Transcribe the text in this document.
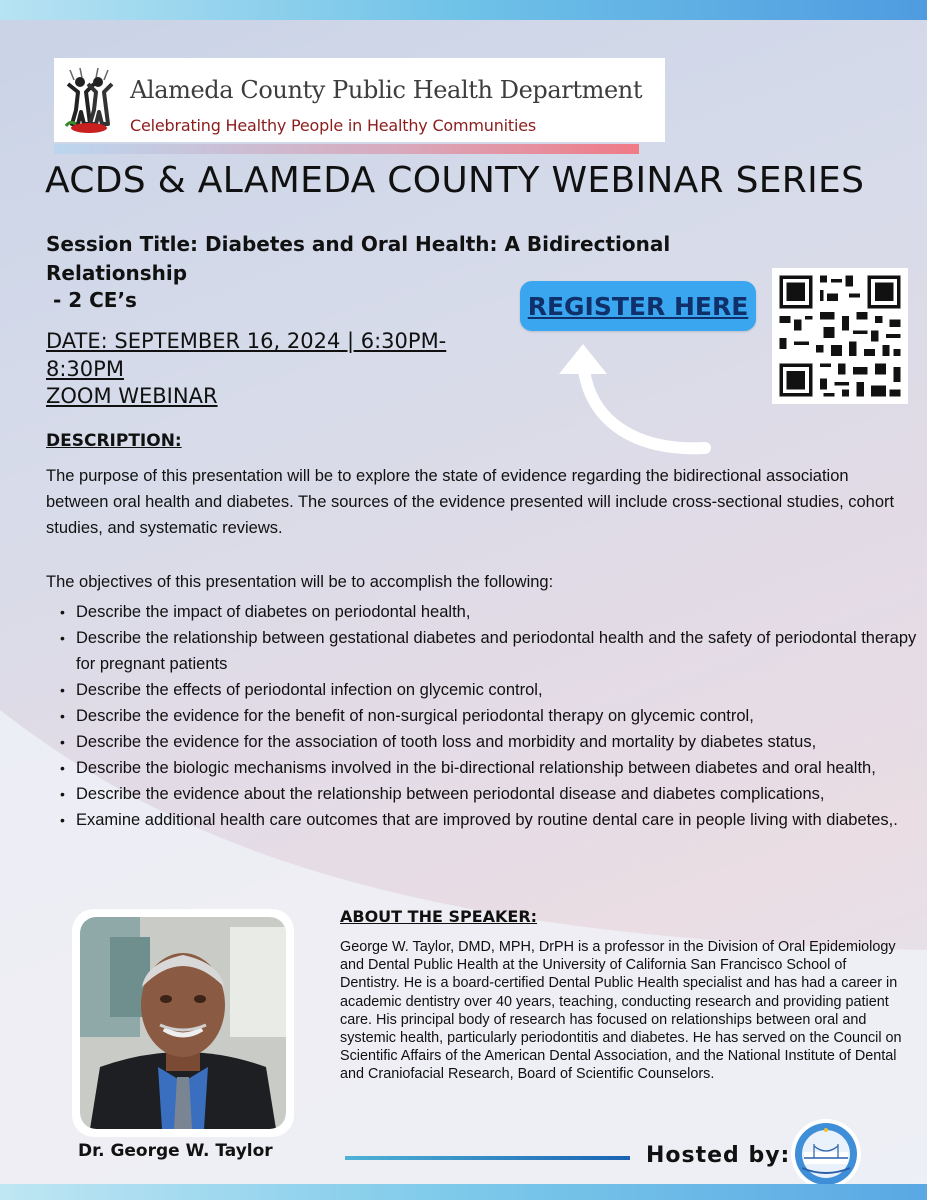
Alameda County Public Health Department
Celebrating Healthy People in Healthy Communities
ACDS & ALAMEDA COUNTY WEBINAR SERIES
Session Title: Diabetes and Oral Health: A Bidirectional Relationship
- 2 CE’s
DATE: SEPTEMBER 16, 2024 | 6:30PM-8:30PM
ZOOM WEBINAR
REGISTER HERE
DESCRIPTION:
The purpose of this presentation will be to explore the state of evidence regarding the bidirectional association between oral health and diabetes. The sources of the evidence presented will include cross-sectional studies, cohort studies, and systematic reviews.
The objectives of this presentation will be to accomplish the following:
• Describe the impact of diabetes on periodontal health,
• Describe the relationship between gestational diabetes and periodontal health and the safety of periodontal therapy for pregnant patients
• Describe the effects of periodontal infection on glycemic control,
• Describe the evidence for the benefit of non-surgical periodontal therapy on glycemic control,
• Describe the evidence for the association of tooth loss and morbidity and mortality by diabetes status,
• Describe the biologic mechanisms involved in the bi-directional relationship between diabetes and oral health,
• Describe the evidence about the relationship between periodontal disease and diabetes complications,
• Examine additional health care outcomes that are improved by routine dental care in people living with diabetes,.
Dr. George W. Taylor
ABOUT THE SPEAKER:
George W. Taylor, DMD, MPH, DrPH is a professor in the Division of Oral Epidemiology and Dental Public Health at the University of California San Francisco School of Dentistry. He is a board-certified Dental Public Health specialist and has had a career in academic dentistry over 40 years, teaching, conducting research and providing patient care. His principal body of research has focused on relationships between oral and systemic health, particularly periodontitis and diabetes. He has served on the Council on Scientific Affairs of the American Dental Association, and the National Institute of Dental and Craniofacial Research, Board of Scientific Counselors.
Hosted by:
